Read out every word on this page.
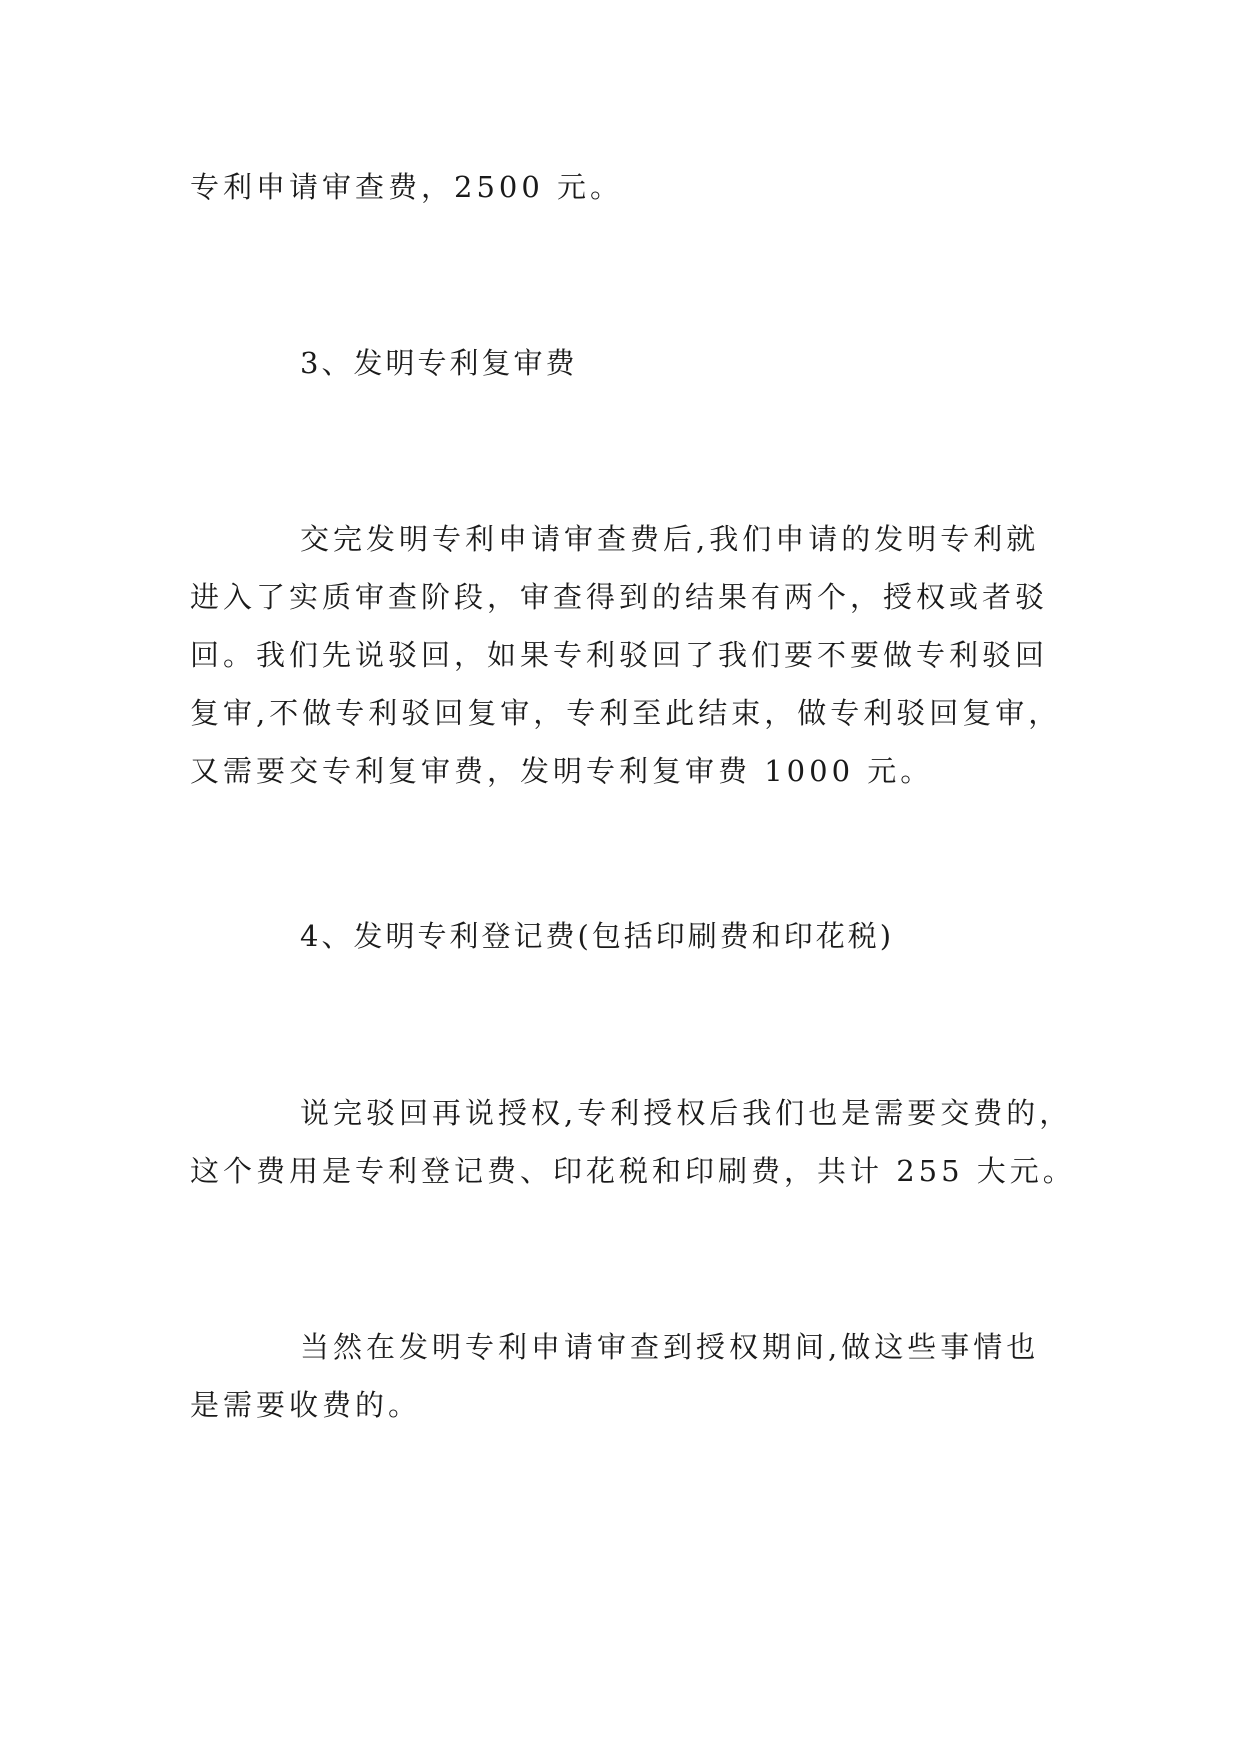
专利申请审查费，2500 元。

3、发明专利复审费

交完发明专利申请审查费后,我们申请的发明专利就
进入了实质审查阶段，审查得到的结果有两个，授权或者驳
回。我们先说驳回，如果专利驳回了我们要不要做专利驳回
复审,不做专利驳回复审，专利至此结束，做专利驳回复审，
又需要交专利复审费，发明专利复审费 1000 元。

4、发明专利登记费(包括印刷费和印花税)

说完驳回再说授权,专利授权后我们也是需要交费的，
这个费用是专利登记费、印花税和印刷费，共计 255 大元。

当然在发明专利申请审查到授权期间,做这些事情也
是需要收费的。
